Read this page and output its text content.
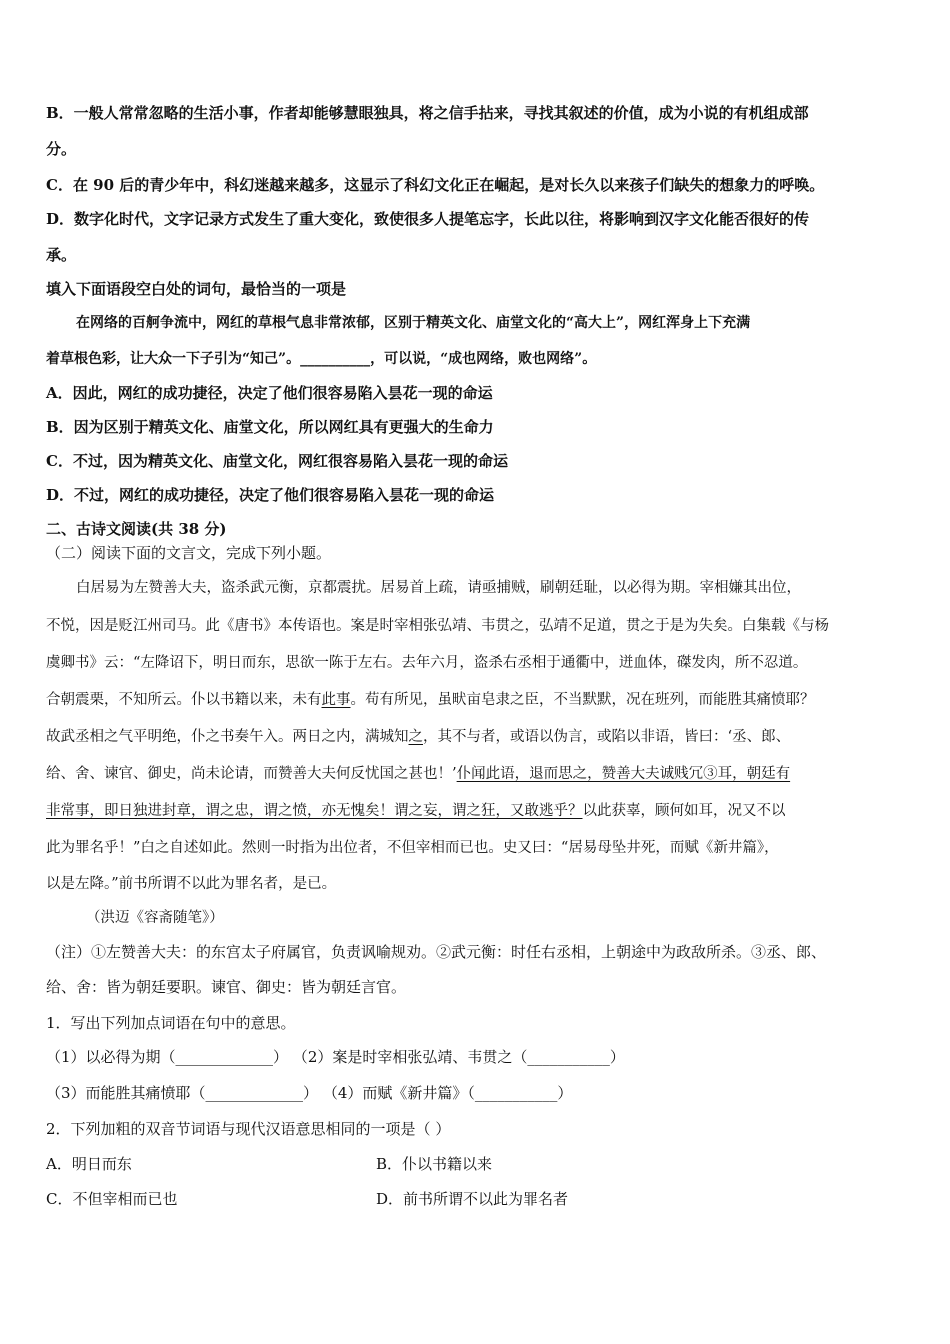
B．一般人常常忽略的生活小事，作者却能够慧眼独具，将之信手拈来，寻找其叙述的价值，成为小说的有机组成部
分。
C．在 90 后的青少年中，科幻迷越来越多，这显示了科幻文化正在崛起，是对长久以来孩子们缺失的想象力的呼唤。
D．数字化时代，文字记录方式发生了重大变化，致使很多人提笔忘字，长此以往，将影响到汉字文化能否很好的传
承。
填入下面语段空白处的词句，最恰当的一项是
在网络的百舸争流中，网红的草根气息非常浓郁，区别于精英文化、庙堂文化的“高大上”，网红浑身上下充满
着草根色彩，让大众一下子引为“知己”。__________，可以说，“成也网络，败也网络”。
A．因此，网红的成功捷径，决定了他们很容易陷入昙花一现的命运
B．因为区别于精英文化、庙堂文化，所以网红具有更强大的生命力
C．不过，因为精英文化、庙堂文化，网红很容易陷入昙花一现的命运
D．不过，网红的成功捷径，决定了他们很容易陷入昙花一现的命运
二、古诗文阅读(共 38 分)
（二）阅读下面的文言文，完成下列小题。
白居易为左赞善大夫，盗杀武元衡，京都震扰。居易首上疏，请亟捕贼，刷朝廷耻，以必得为期。宰相嫌其出位，
不悦，因是贬江州司马。此《唐书》本传语也。案是时宰相张弘靖、韦贯之，弘靖不足道，贯之于是为失矣。白集载《与杨
虞卿书》云：“左降诏下，明日而东，思欲一陈于左右。去年六月，盗杀右丞相于通衢中，迸血体，磔发肉，所不忍道。
合朝震栗，不知所云。仆以书籍以来，未有此事。苟有所见，虽畎亩皂隶之臣，不当默默，况在班列，而能胜其痛愤耶？
故武丞相之气平明绝，仆之书奏午入。两日之内，满城知之，其不与者，或语以伪言，或陷以非语，皆曰：‘丞、郎、
给、舍、谏官、御史，尚未论请，而赞善大夫何反忧国之甚也！’仆闻此语，退而思之，赞善大夫诚贱冗③耳，朝廷有
非常事，即日独进封章，谓之忠，谓之愤，亦无愧矣！谓之妄，谓之狂，又敢逃乎？以此获辜，顾何如耳，况又不以
此为罪名乎！”白之自述如此。然则一时指为出位者，不但宰相而已也。史又曰：“居易母坠井死，而赋《新井篇》，
以是左降。”前书所谓不以此为罪名者，是已。
（洪迈《容斋随笔》）
（注）①左赞善大夫：的东宫太子府属官，负责讽喻规劝。②武元衡：时任右丞相，上朝途中为政敌所杀。③丞、郎、
给、舍：皆为朝廷要职。谏官、御史：皆为朝廷言官。
1．写出下列加点词语在句中的意思。
（1）以必得为期（_____________） （2）案是时宰相张弘靖、韦贯之（___________）
（3）而能胜其痛愤耶（_____________） （4）而赋《新井篇》（___________）
2．下列加粗的双音节词语与现代汉语意思相同的一项是（ ）
A．明日而东	B．仆以书籍以来
C．不但宰相而已也	D．前书所谓不以此为罪名者
